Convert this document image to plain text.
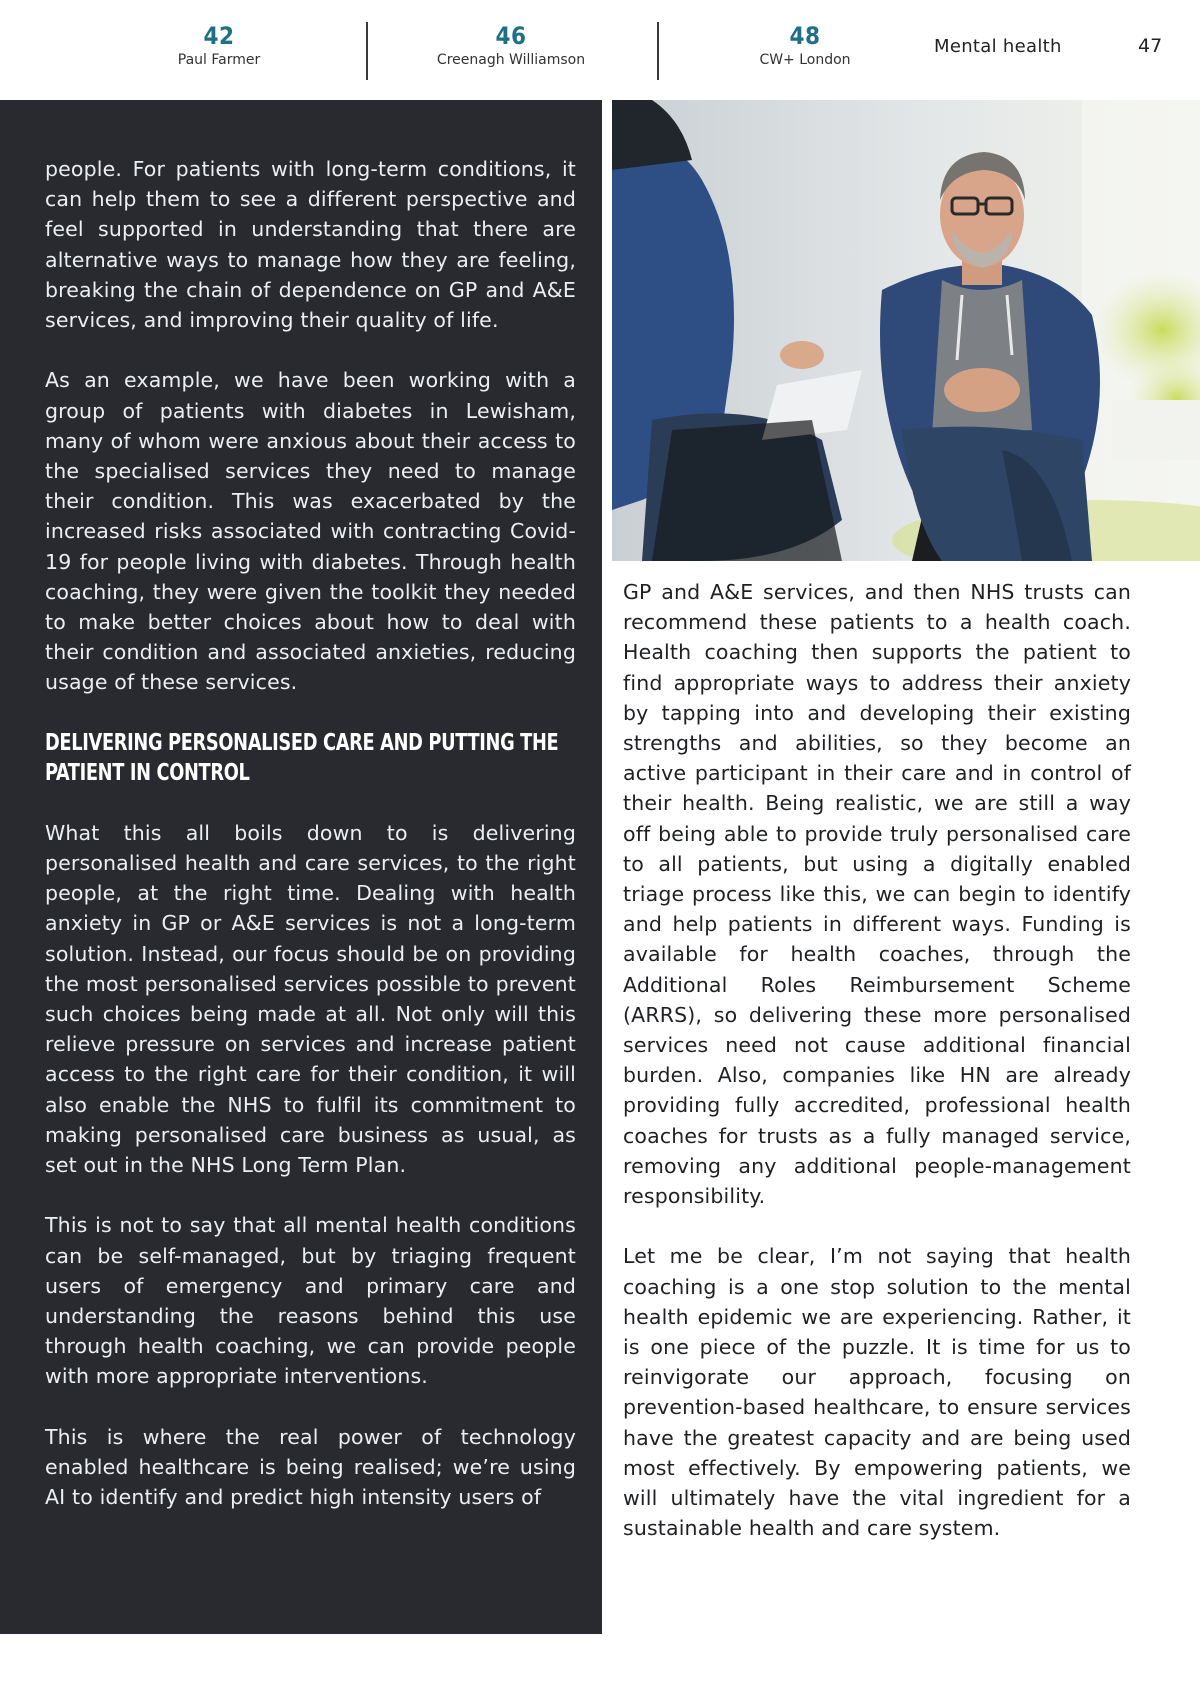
42
Paul Farmer
46
Creenagh Williamson
48
CW+ London
Mental health	47

people. For patients with long-term conditions, it can help them to see a different perspective and feel supported in understanding that there are alternative ways to manage how they are feeling, breaking the chain of dependence on GP and A&E services, and improving their quality of life.

As an example, we have been working with a group of patients with diabetes in Lewisham, many of whom were anxious about their access to the specialised services they need to manage their condition. This was exacerbated by the increased risks associated with contracting Covid-19 for people living with diabetes. Through health coaching, they were given the toolkit they needed to make better choices about how to deal with their condition and associated anxieties, reducing usage of these services.

DELIVERING PERSONALISED CARE AND PUTTING THE PATIENT IN CONTROL

What this all boils down to is delivering personalised health and care services, to the right people, at the right time. Dealing with health anxiety in GP or A&E services is not a long-term solution. Instead, our focus should be on providing the most personalised services possible to prevent such choices being made at all. Not only will this relieve pressure on services and increase patient access to the right care for their condition, it will also enable the NHS to fulfil its commitment to making personalised care business as usual, as set out in the NHS Long Term Plan.

This is not to say that all mental health conditions can be self-managed, but by triaging frequent users of emergency and primary care and understanding the reasons behind this use through health coaching, we can provide people with more appropriate interventions.

This is where the real power of technology enabled healthcare is being realised; we’re using AI to identify and predict high intensity users of

GP and A&E services, and then NHS trusts can recommend these patients to a health coach. Health coaching then supports the patient to find appropriate ways to address their anxiety by tapping into and developing their existing strengths and abilities, so they become an active participant in their care and in control of their health. Being realistic, we are still a way off being able to provide truly personalised care to all patients, but using a digitally enabled triage process like this, we can begin to identify and help patients in different ways. Funding is available for health coaches, through the Additional Roles Reimbursement Scheme (ARRS), so delivering these more personalised services need not cause additional financial burden. Also, companies like HN are already providing fully accredited, professional health coaches for trusts as a fully managed service, removing any additional people-management responsibility.

Let me be clear, I’m not saying that health coaching is a one stop solution to the mental health epidemic we are experiencing. Rather, it is one piece of the puzzle. It is time for us to reinvigorate our approach, focusing on prevention-based healthcare, to ensure services have the greatest capacity and are being used most effectively. By empowering patients, we will ultimately have the vital ingredient for a sustainable health and care system.
